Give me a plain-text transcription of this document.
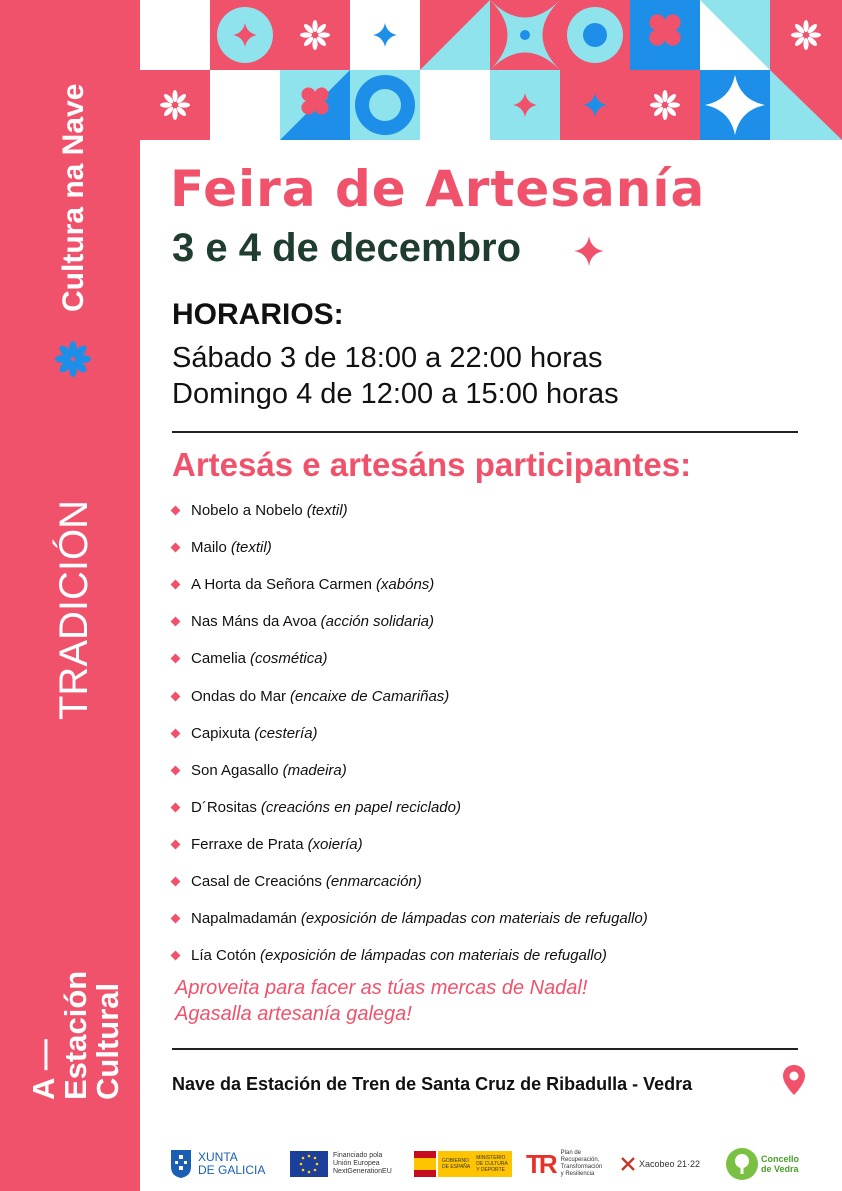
Cultura na Nave
TRADICIÓN
A —
Estación
Cultural
Feira de Artesanía
3 e 4 de decembro
HORARIOS:
Sábado 3 de 18:00 a 22:00 horas
Domingo 4 de 12:00 a 15:00 horas
Artesás e artesáns participantes:
Nobelo a Nobelo (textil)
Mailo (textil)
A Horta da Señora Carmen (xabóns)
Nas Máns da Avoa (acción solidaria)
Camelia (cosmética)
Ondas do Mar (encaixe de Camariñas)
Capixuta (cestería)
Son Agasallo (madeira)
D´Rositas (creacións en papel reciclado)
Ferraxe de Prata (xoiería)
Casal de Creacións (enmarcación)
Napalmadamán (exposición de lámpadas con materiais de refugallo)
Lía Cotón (exposición de lámpadas con materiais de refugallo)
Aproveita para facer as túas mercas de Nadal!
Agasalla artesanía galega!
Nave da Estación de Tren de Santa Cruz de Ribadulla - Vedra
XUNTA
DE GALICIA
Financiado pola
Unión Europea
NextGenerationEU
GOBIERNO
DE ESPAÑA
MINISTERIO
DE CULTURA
Y DEPORTE TR Plan de
Recuperación,
Transformación
y Resiliencia
Xacobeo 21·22	Concello
de Vedra
